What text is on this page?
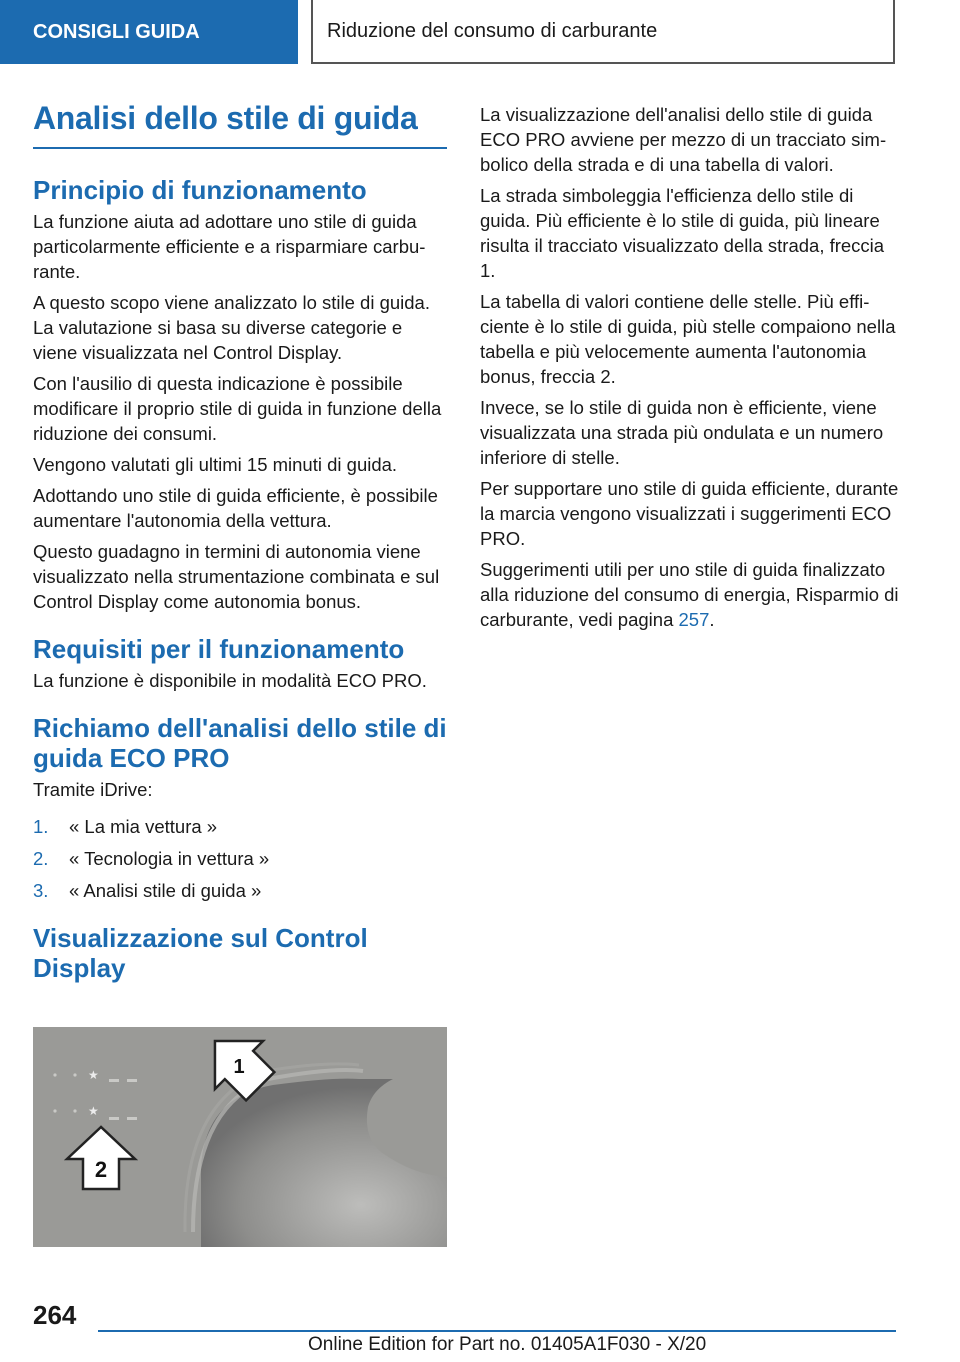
CONSIGLI GUIDA	Riduzione del consumo di carburante
Analisi dello stile di guida
Principio di funzionamento

La funzione aiuta ad adottare uno stile di guida particolarmente efficiente e a risparmiare carburante.

A questo scopo viene analizzato lo stile di guida. La valutazione si basa su diverse categorie e viene visualizzata nel Control Display.

Con l'ausilio di questa indicazione è possibile modificare il proprio stile di guida in funzione della riduzione dei consumi.

Vengono valutati gli ultimi 15 minuti di guida.

Adottando uno stile di guida efficiente, è possibile aumentare l'autonomia della vettura.

Questo guadagno in termini di autonomia viene visualizzato nella strumentazione combinata e sul Control Display come autonomia bonus.

Requisiti per il funzionamento

La funzione è disponibile in modalità ECO PRO.

Richiamo dell'analisi dello stile di guida ECO PRO

Tramite iDrive:

1.	« La mia vettura »
2.	« Tecnologia in vettura »
3.	« Analisi stile di guida »
Visualizzazione sul Control Display
★
★
1
2

La visualizzazione dell'analisi dello stile di guida ECO PRO avviene per mezzo di un tracciato simbolico della strada e di una tabella di valori.

La strada simboleggia l'efficienza dello stile di guida. Più efficiente è lo stile di guida, più lineare risulta il tracciato visualizzato della strada, freccia 1.

La tabella di valori contiene delle stelle. Più efficiente è lo stile di guida, più stelle compaiono nella tabella e più velocemente aumenta l'autonomia bonus, freccia 2.

Invece, se lo stile di guida non è efficiente, viene visualizzata una strada più ondulata e un numero inferiore di stelle.

Per supportare uno stile di guida efficiente, durante la marcia vengono visualizzati i suggerimenti ECO PRO.

Suggerimenti utili per uno stile di guida finalizzato alla riduzione del consumo di energia, Risparmio di carburante, vedi pagina 257.

264
Online Edition for Part no. 01405A1F030 - X/20
